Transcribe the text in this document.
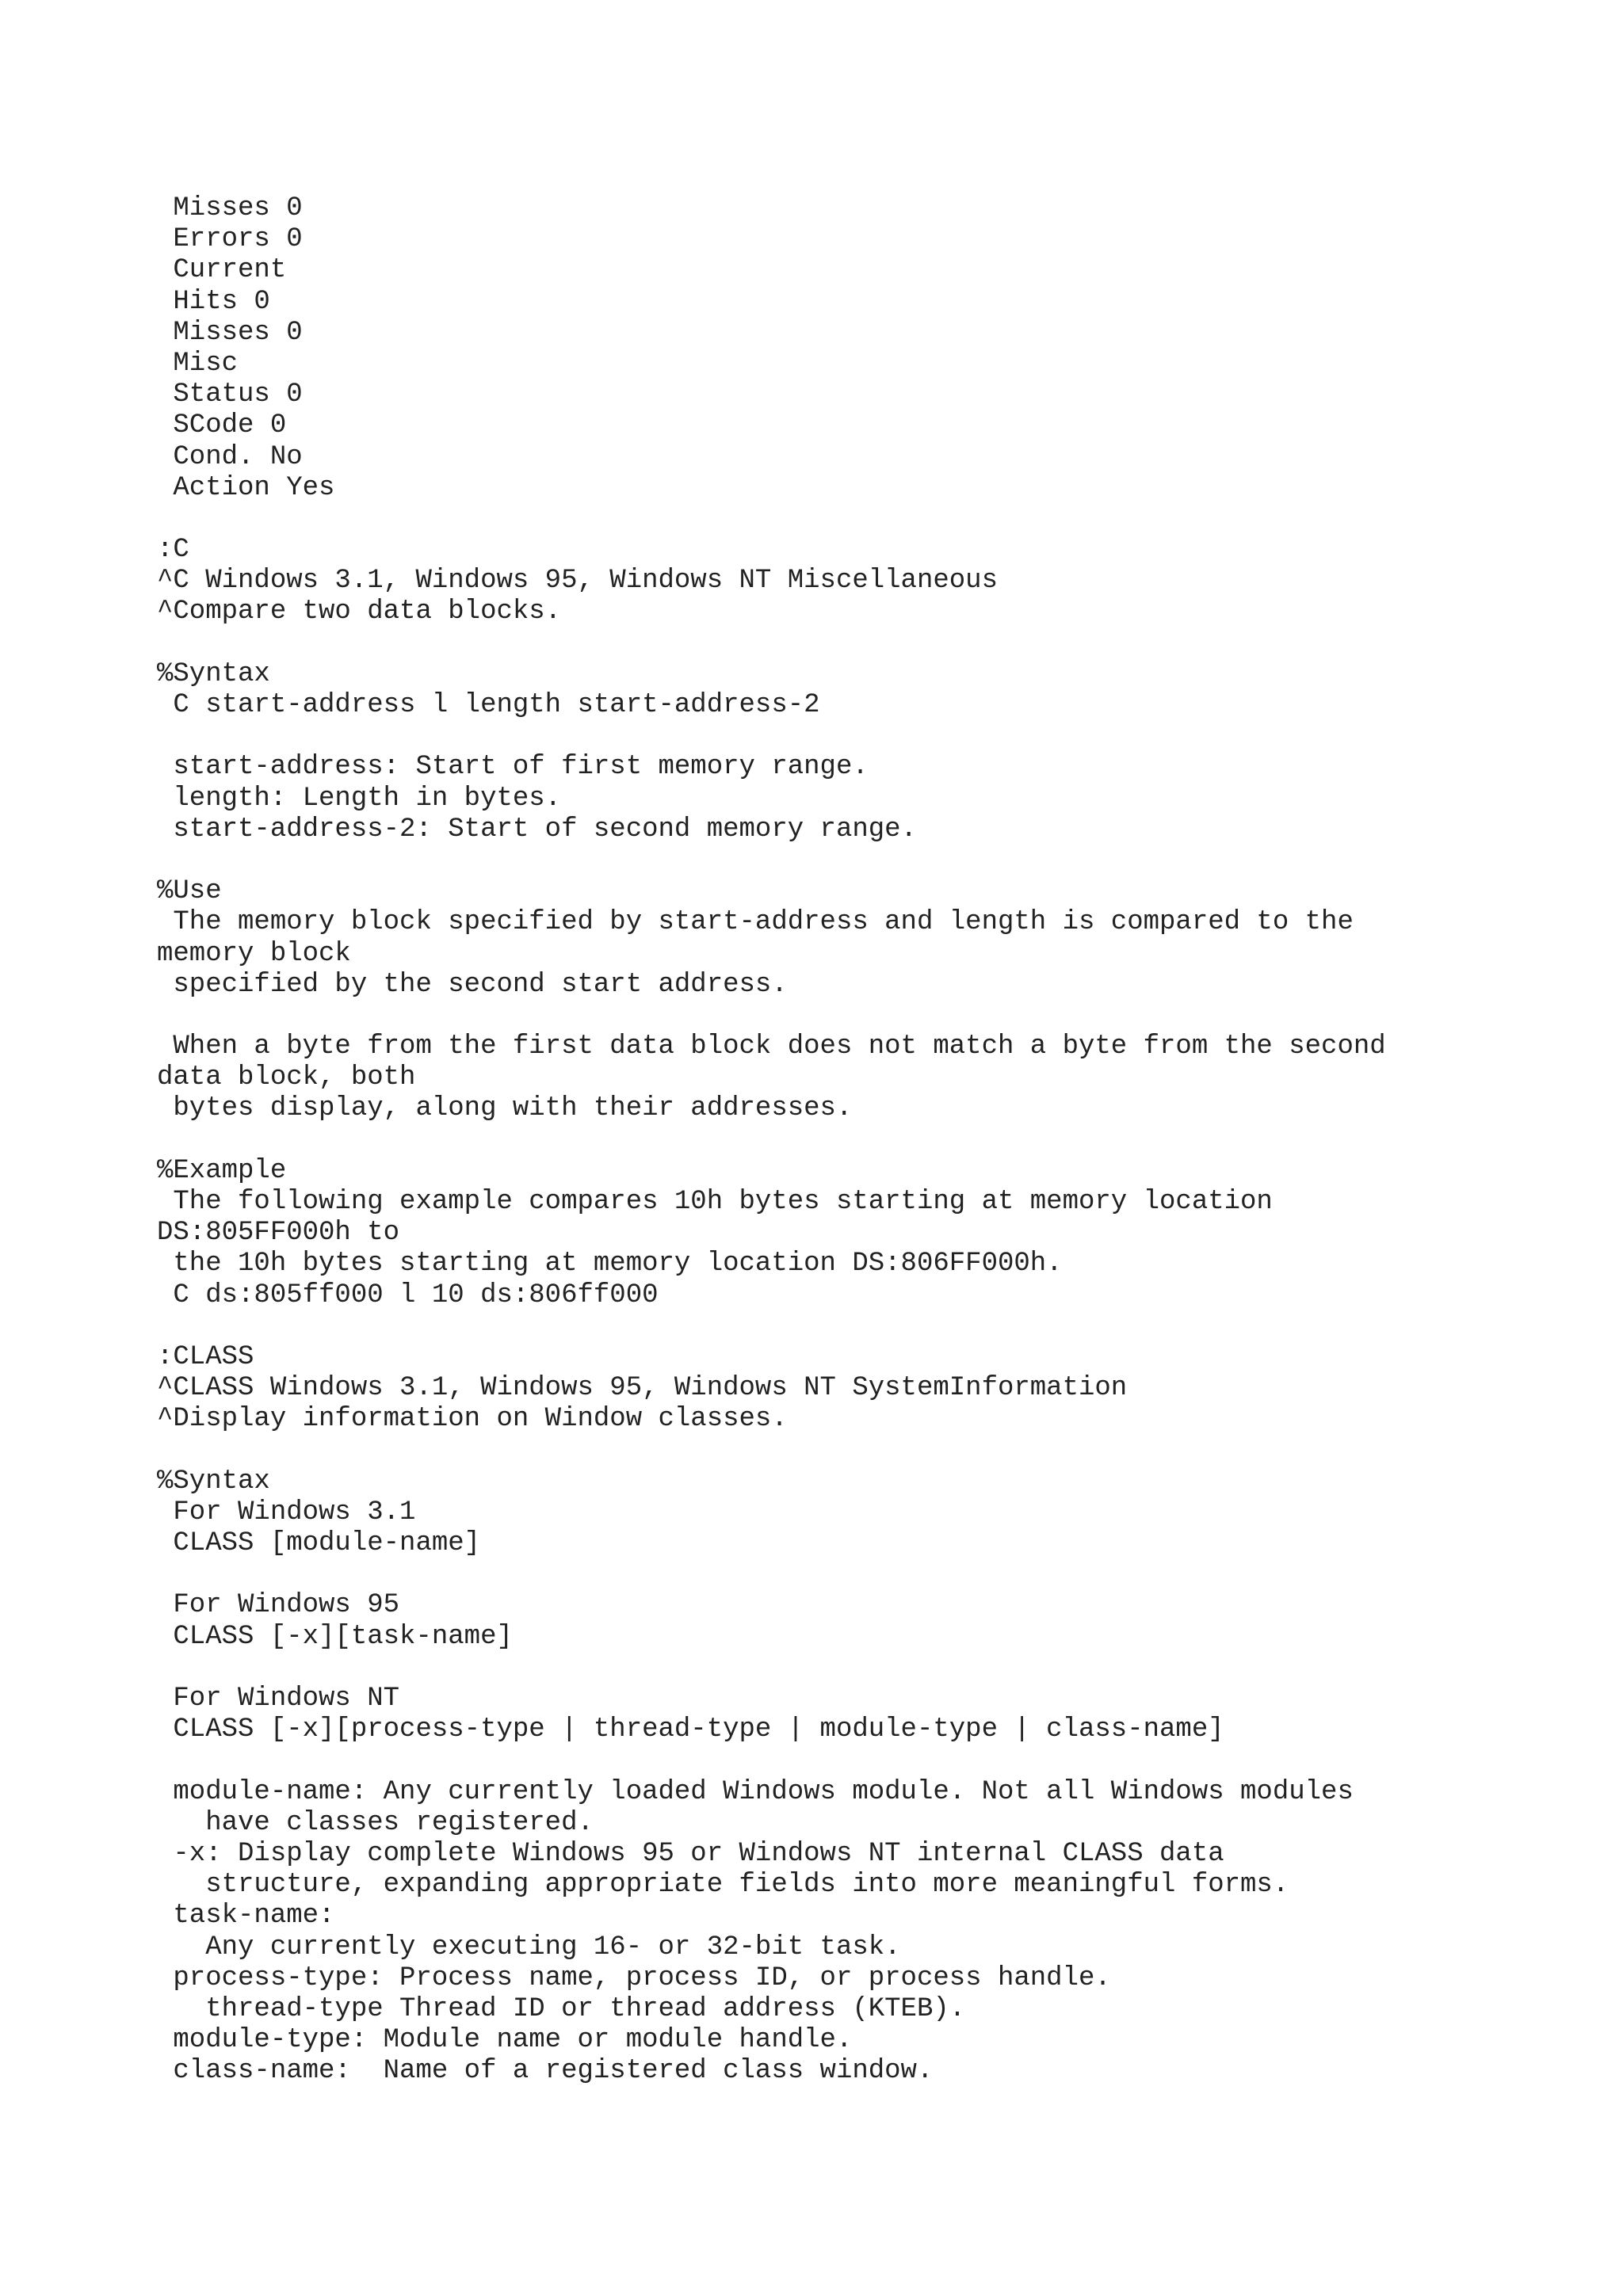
Misses 0
Errors 0
Current
Hits 0
Misses 0
Misc
Status 0
SCode 0
Cond. No
Action Yes
:C
^C Windows 3.1, Windows 95, Windows NT Miscellaneous
^Compare two data blocks.
%Syntax
C start-address l length start-address-2
start-address: Start of first memory range.
length: Length in bytes.
start-address-2: Start of second memory range.
%Use
The memory block specified by start-address and length is compared to the
memory block
specified by the second start address.
When a byte from the first data block does not match a byte from the second
data block, both
bytes display, along with their addresses.
%Example
The following example compares 10h bytes starting at memory location
DS:805FF000h to
the 10h bytes starting at memory location DS:806FF000h.
C ds:805ff000 l 10 ds:806ff000
:CLASS
^CLASS Windows 3.1, Windows 95, Windows NT SystemInformation
^Display information on Window classes.
%Syntax
For Windows 3.1
CLASS [module-name]
For Windows 95
CLASS [-x][task-name]
For Windows NT
CLASS [-x][process-type | thread-type | module-type | class-name]
module-name: Any currently loaded Windows module. Not all Windows modules
have classes registered.
-x: Display complete Windows 95 or Windows NT internal CLASS data
structure, expanding appropriate fields into more meaningful forms.
task-name:
Any currently executing 16- or 32-bit task.
process-type: Process name, process ID, or process handle.
thread-type Thread ID or thread address (KTEB).
module-type: Module name or module handle.
class-name:  Name of a registered class window.
